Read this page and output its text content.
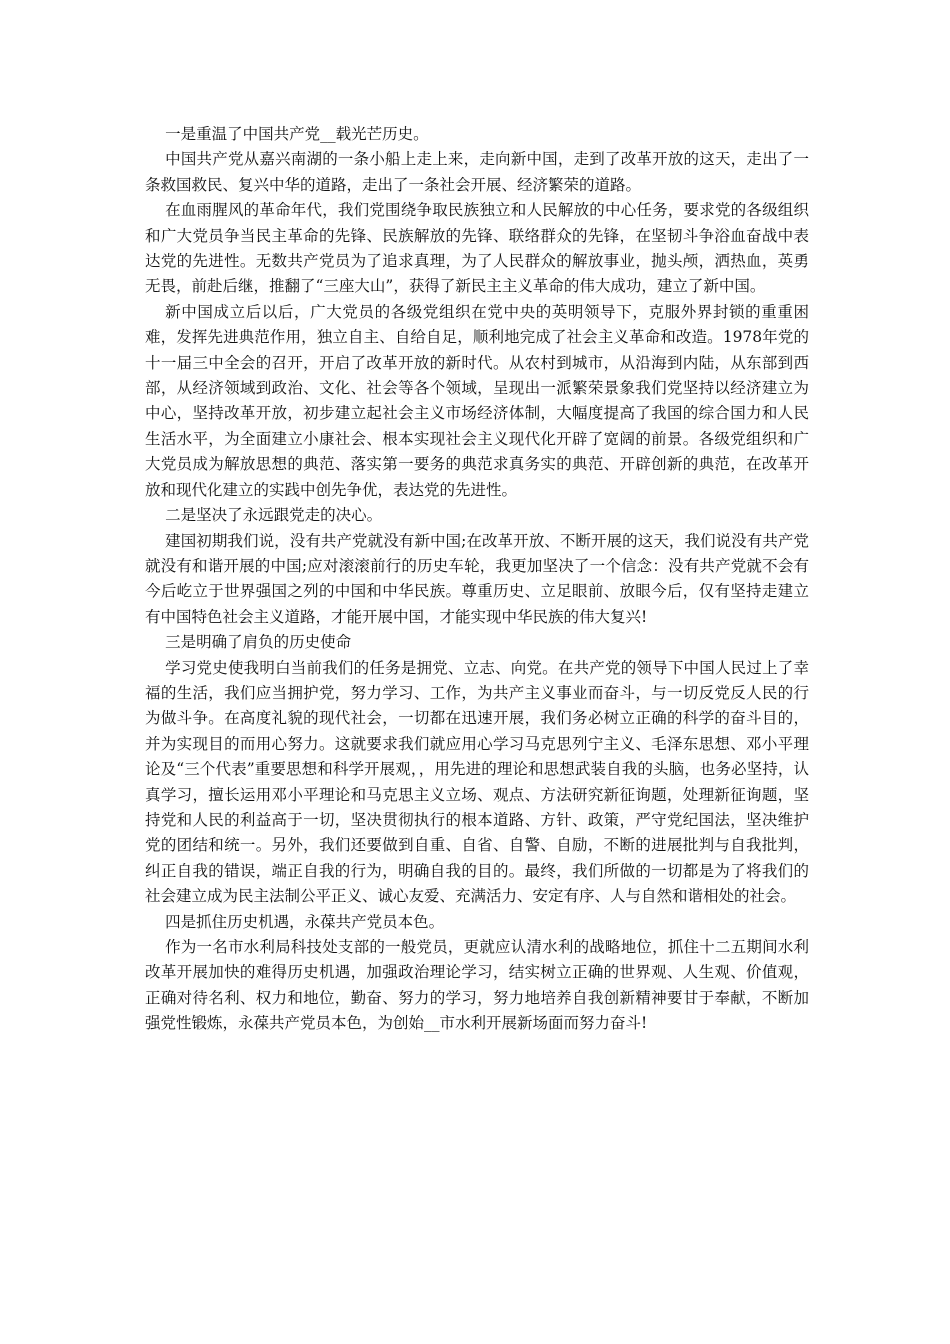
一是重温了中国共产党__载光芒历史。

中国共产党从嘉兴南湖的一条小船上走上来，走向新中国，走到了改革开放的这天，走出了一条救国救民、复兴中华的道路，走出了一条社会开展、经济繁荣的道路。

在血雨腥风的革命年代，我们党围绕争取民族独立和人民解放的中心任务，要求党的各级组织和广大党员争当民主革命的先锋、民族解放的先锋、联络群众的先锋，在坚韧斗争浴血奋战中表达党的先进性。无数共产党员为了追求真理，为了人民群众的解放事业，抛头颅，洒热血，英勇无畏，前赴后继，推翻了“三座大山”，获得了新民主主义革命的伟大成功，建立了新中国。

新中国成立后以后，广大党员的各级党组织在党中央的英明领导下，克服外界封锁的重重困难，发挥先进典范作用，独立自主、自给自足，顺利地完成了社会主义革命和改造。1978年党的十一届三中全会的召开，开启了改革开放的新时代。从农村到城市，从沿海到内陆，从东部到西部，从经济领域到政治、文化、社会等各个领域，呈现出一派繁荣景象我们党坚持以经济建立为中心，坚持改革开放，初步建立起社会主义市场经济体制，大幅度提高了我国的综合国力和人民生活水平，为全面建立小康社会、根本实现社会主义现代化开辟了宽阔的前景。各级党组织和广大党员成为解放思想的典范、落实第一要务的典范求真务实的典范、开辟创新的典范，在改革开放和现代化建立的实践中创先争优，表达党的先进性。

二是坚决了永远跟党走的决心。

建国初期我们说，没有共产党就没有新中国;在改革开放、不断开展的这天，我们说没有共产党就没有和谐开展的中国;应对滚滚前行的历史车轮，我更加坚决了一个信念：没有共产党就不会有今后屹立于世界强国之列的中国和中华民族。尊重历史、立足眼前、放眼今后，仅有坚持走建立有中国特色社会主义道路，才能开展中国，才能实现中华民族的伟大复兴!

三是明确了肩负的历史使命

学习党史使我明白当前我们的任务是拥党、立志、向党。在共产党的领导下中国人民过上了幸福的生活，我们应当拥护党，努力学习、工作，为共产主义事业而奋斗，与一切反党反人民的行为做斗争。在高度礼貌的现代社会，一切都在迅速开展，我们务必树立正确的科学的奋斗目的，并为实现目的而用心努力。这就要求我们就应用心学习马克思列宁主义、毛泽东思想、邓小平理论及“三个代表”重要思想和科学开展观，，用先进的理论和思想武装自我的头脑，也务必坚持，认真学习，擅长运用邓小平理论和马克思主义立场、观点、方法研究新征询题，处理新征询题，坚持党和人民的利益高于一切，坚决贯彻执行的根本道路、方针、政策，严守党纪国法，坚决维护党的团结和统一。另外，我们还要做到自重、自省、自警、自励，不断的进展批判与自我批判，纠正自我的错误，端正自我的行为，明确自我的目的。最终，我们所做的一切都是为了将我们的社会建立成为民主法制公平正义、诚心友爱、充满活力、安定有序、人与自然和谐相处的社会。

四是抓住历史机遇，永葆共产党员本色。

作为一名市水利局科技处支部的一般党员，更就应认清水利的战略地位，抓住十二五期间水利改革开展加快的难得历史机遇，加强政治理论学习，结实树立正确的世界观、人生观、价值观，正确对待名利、权力和地位，勤奋、努力的学习，努力地培养自我创新精神要甘于奉献，不断加强党性锻炼，永葆共产党员本色，为创始__市水利开展新场面而努力奋斗!
